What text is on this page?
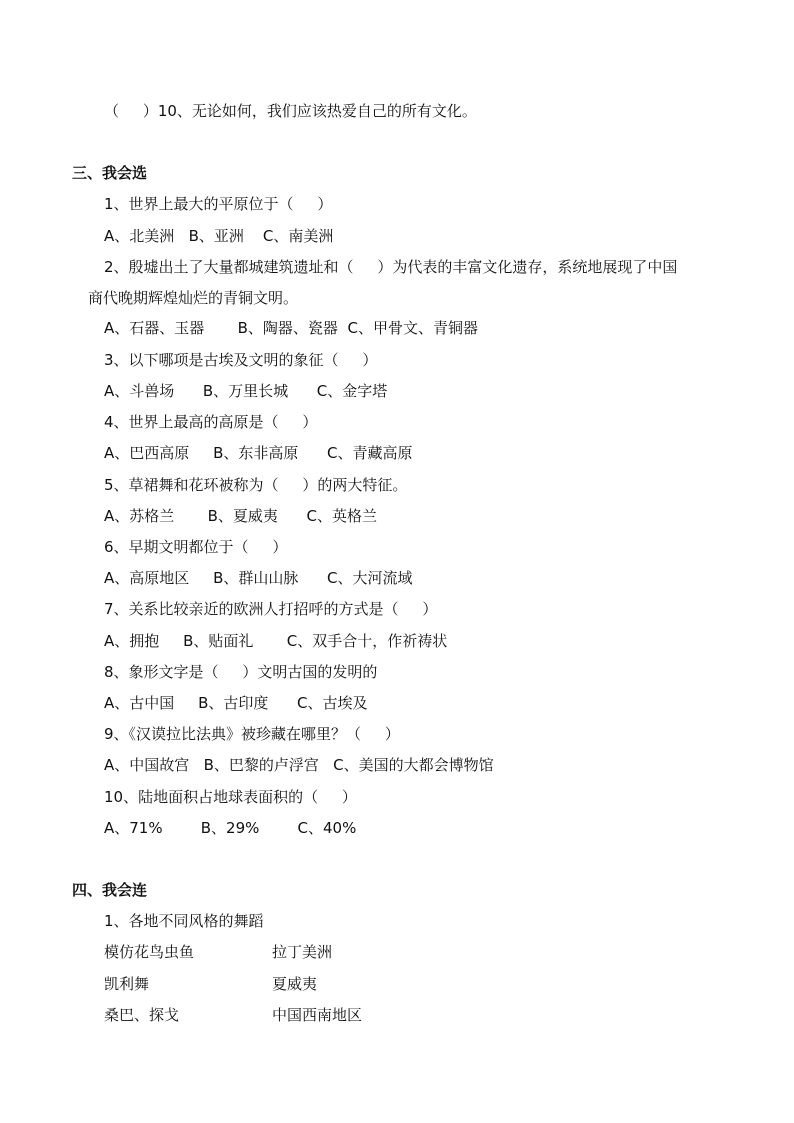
（     ）10、无论如何，我们应该热爱自己的所有文化。
三、我会选
1、世界上最大的平原位于（     ）
A、北美洲   B、亚洲    C、南美洲
2、殷墟出土了大量都城建筑遗址和（     ）为代表的丰富文化遗存，系统地展现了中国
商代晚期辉煌灿烂的青铜文明。
A、石器、玉器       B、陶器、瓷器  C、甲骨文、青铜器
3、以下哪项是古埃及文明的象征（     ）
A、斗兽场      B、万里长城      C、金字塔
4、世界上最高的高原是（     ）
A、巴西高原     B、东非高原      C、青藏高原
5、草裙舞和花环被称为（     ）的两大特征。
A、苏格兰       B、夏威夷      C、英格兰
6、早期文明都位于（     ）
A、高原地区     B、群山山脉      C、大河流域
7、关系比较亲近的欧洲人打招呼的方式是（     ）
A、拥抱     B、贴面礼       C、双手合十，作祈祷状
8、象形文字是（     ）文明古国的发明的
A、古中国     B、古印度      C、古埃及
9、《汉谟拉比法典》被珍藏在哪里？（     ）
A、中国故宫   B、巴黎的卢浮宫   C、美国的大都会博物馆
10、陆地面积占地球表面积的（     ）
A、71%        B、29%        C、40%
四、我会连
1、各地不同风格的舞蹈
模仿花鸟虫鱼	拉丁美洲
凯利舞	夏威夷
桑巴、探戈	中国西南地区
